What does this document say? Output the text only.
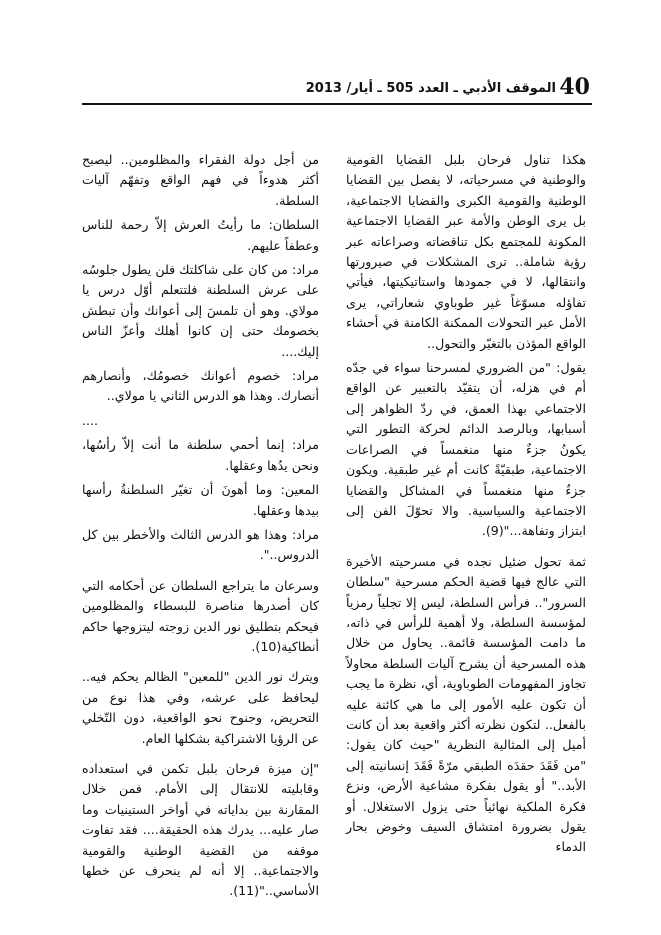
40
الموقف الأدبي ـ العدد 505 ـ أيار/ 2013

هكذا تناول فرحان بلبل القضايا القومية والوطنية في مسرحياته، لا يفصل بين القضايا الوطنية والقومية الكبرى والقضايا الاجتماعية، بل يرى الوطن والأمة عبر القضايا الاجتماعية المكونة للمجتمع بكل تناقضاته وصراعاته عبر رؤية شاملة.. ترى المشكلات في صيرورتها وانتقالها، لا في جمودها واستاتيكيتها، فيأتي تفاؤله مسوّغاً غير طوباوي شعاراتي، يرى الأمل عبر التحولات الممكنة الكامنة في أحشاء الواقع المؤذن بالتغيّر والتحول..

يقول: "من الضروري لمسرحنا سواء في جدّه أم في هزله، أن يتقيّد بالتعبير عن الواقع الاجتماعي بهذا العمق، في ردّ الظواهر إلى أسبابها، وبالرصد الدائم لحركة التطور التي يكونُ جزءٌ منها منغمساً في الصراعات الاجتماعية، طبقيّةً كانت أم غير طبقية. ويكون جزءٌ منها منغمساً في المشاكل والقضايا الاجتماعية والسياسية. والا تحوّلَ الفن إلى ابتزاز وتفاهة..."(9).

ثمة تحول ضئيل نجده في مسرحيته الأخيرة التي عالج فيها قضية الحكم مسرحية "سلطان السرور".. فرأس السلطة، ليس إلا تجلياً رمزياً لمؤسسة السلطة، ولا أهمية للرأس في ذاته، ما دامت المؤسسة قائمة.. يحاول من خلال هذه المسرحية أن يشرح آليات السلطة محاولاً تجاوز المفهومات الطوباوية، أي، نظرة ما يجب أن تكون عليه الأمور إلى ما هي كائنة عليه بالفعل.. لتكون نظرته أكثر واقعية بعد أن كانت أميل إلى المثالية النظرية "حيث كان يقول: "من فَقَدَ حقدَه الطبقي مرّةً فَقَدَ إنسانيته إلى الأبد.." أو يقول بفكرة مشاعية الأرض، ونزع فكرة الملكية نهائياً حتى يزول الاستغلال. أو يقول بضرورة امتشاق السيف وخوض بحار الدماء

من أجل دولة الفقراء والمظلومين.. ليصبح أكثر هدوءاً في فهم الواقع وتفهّم آليات السلطة.

السلطان: ما رأيتُ العرش إلاّ رحمة للناس وعطفاً عليهم.

مراد: من كان على شاكلتك فلن يطول جلوسُه على عرش السلطنة فلتتعلم أوّل درس يا مولاي. وهو أن تلمسَ إلى أعوانك وأن تبطش بخصومك حتى إن كانوا أهلك وأعزّ الناس إليك....

مراد: خصوم أعوانك خصومُك، وأنصارهم أنصارك. وهذا هو الدرس الثاني يا مولاي..

....

مراد: إنما أحمي سلطنة ما أنت إلاّ رأسُها، ونحن يدُها وعقلها.

المعين: وما أهونَ أن تغيّر السلطنةُ رأسها بيدها وعقلها.

مراد: وهذا هو الدرس الثالث والأخطر بين كل الدروس..".

وسرعان ما يتراجع السلطان عن أحكامه التي كان أصدرها مناصرة للبسطاء والمظلومين فيحكم بتطليق نور الدين زوجته ليتزوجها حاكم أنطاكية(10).

ويترك نور الدين "للمعين" الظالم يحكم فيه.. ليحافظ على عرشه، وفي هذا نوع من التحريض، وجنوح نحو الواقعية، دون التّخلي عن الرؤيا الاشتراكية بشكلها العام.

"إن ميزة فرحان بلبل تكمن في استعداده وقابليته للانتقال إلى الأمام. فمن خلال المقارنة بين بداياته في أواخر الستينيات وما صار عليه... يدرك هذه الحقيقة.... فقد تفاوت موقفه من القضية الوطنية والقومية والاجتماعية.. إلا أنه لم ينحرف عن خطها الأساسي.."(11).
